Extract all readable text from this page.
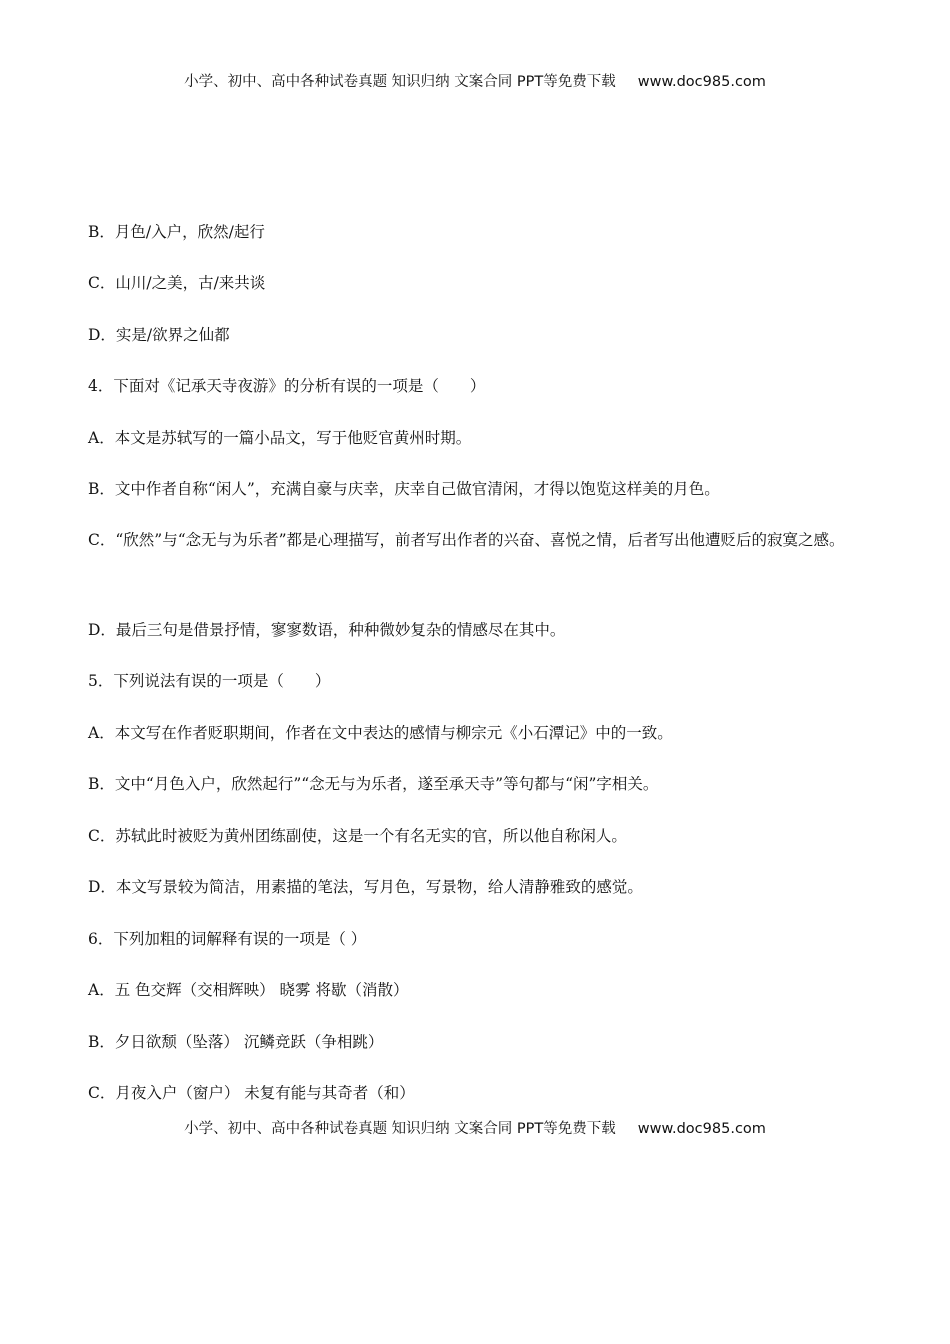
小学、初中、高中各种试卷真题 知识归纳 文案合同 PPT等免费下载 www.doc985.com
B．月色/入户，欣然/起行
C．山川/之美，古/来共谈
D．实是/欲界之仙都
4．下面对《记承天寺夜游》的分析有误的一项是（　　）
A．本文是苏轼写的一篇小品文，写于他贬官黄州时期。
B．文中作者自称“闲人”，充满自豪与庆幸，庆幸自己做官清闲，才得以饱览这样美的月色。
C．“欣然”与“念无与为乐者”都是心理描写，前者写出作者的兴奋、喜悦之情，后者写出他遭贬后的寂寞之感。
D．最后三句是借景抒情，寥寥数语，种种微妙复杂的情感尽在其中。
5．下列说法有误的一项是（　　）
A．本文写在作者贬职期间，作者在文中表达的感情与柳宗元《小石潭记》中的一致。
B．文中“月色入户，欣然起行”“念无与为乐者，遂至承天寺”等句都与“闲”字相关。
C．苏轼此时被贬为黄州团练副使，这是一个有名无实的官，所以他自称闲人。
D．本文写景较为简洁，用素描的笔法，写月色，写景物，给人清静雅致的感觉。
6．下列加粗的词解释有误的一项是（ ）
A．五 色交辉（交相辉映） 晓雾 将歇（消散）
B．夕日欲颓（坠落） 沉鳞竞跃（争相跳）
C．月夜入户（窗户） 未复有能与其奇者（和）
小学、初中、高中各种试卷真题 知识归纳 文案合同 PPT等免费下载 www.doc985.com
